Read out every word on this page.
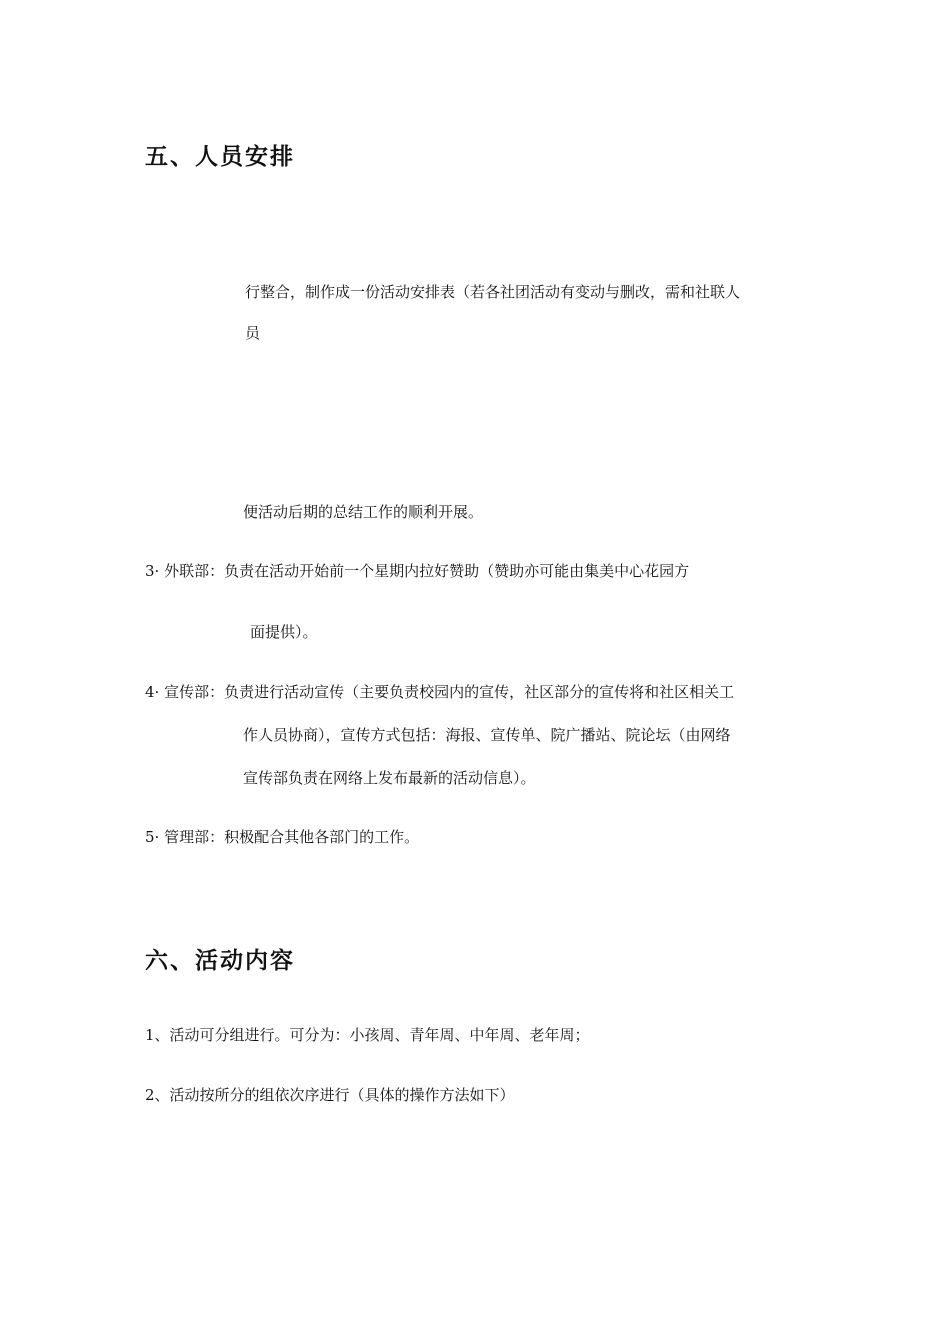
五、人员安排
行整合，制作成一份活动安排表（若各社团活动有变动与删改，需和社联人
员
便活动后期的总结工作的顺利开展。
3· 外联部：负责在活动开始前一个星期内拉好赞助（赞助亦可能由集美中心花园方
面提供）。
4· 宣传部：负责进行活动宣传（主要负责校园内的宣传，社区部分的宣传将和社区相关工
作人员协商），宣传方式包括：海报、宣传单、院广播站、院论坛（由网络
宣传部负责在网络上发布最新的活动信息）。
5· 管理部：积极配合其他各部门的工作。
六、活动内容
1、活动可分组进行。可分为：小孩周、青年周、中年周、老年周；
2、活动按所分的组依次序进行（具体的操作方法如下）
